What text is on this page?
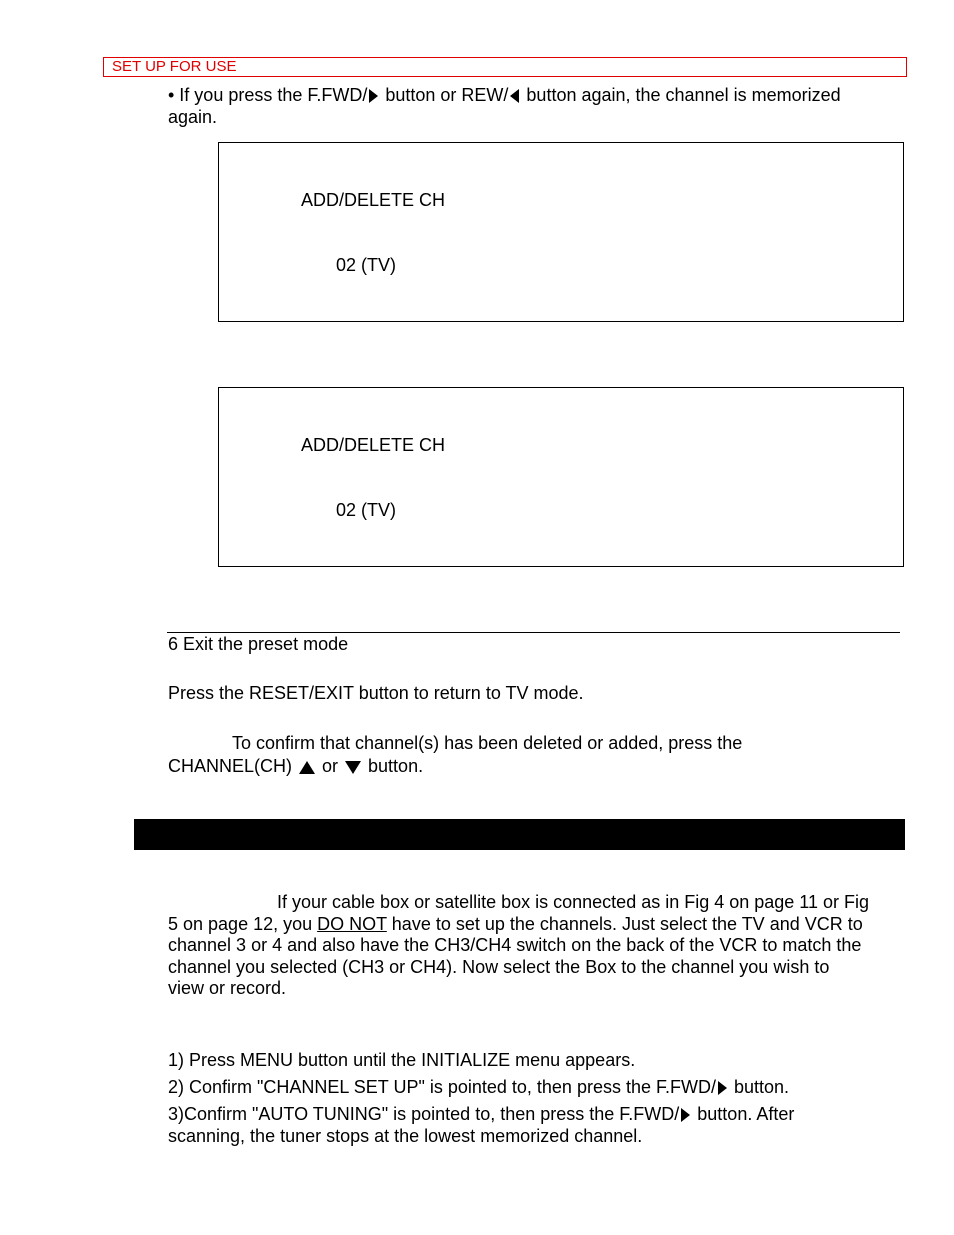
SET UP FOR USE
• If you press the F.FWD/ button or REW/ button again, the channel is memorized
again.
ADD/DELETE CH
02 (TV)
ADD/DELETE CH
02 (TV)
6 Exit the preset mode
Press the RESET/EXIT button to return to TV mode.
To confirm that channel(s) has been deleted or added, press the
CHANNEL(CH)  or  button.
If your cable box or satellite box is connected as in Fig 4 on page 11 or Fig
5 on page 12, you DO NOT have to set up the channels. Just select the TV and VCR to
channel 3 or 4 and also have the CH3/CH4 switch on the back of the VCR to match the
channel you selected (CH3 or CH4). Now select the Box to the channel you wish to
view or record.
1) Press MENU button until the INITIALIZE menu appears.
2) Confirm "CHANNEL SET UP" is pointed to, then press the F.FWD/ button.
3)Confirm "AUTO TUNING" is pointed to, then press the F.FWD/ button. After
scanning, the tuner stops at the lowest memorized channel.
